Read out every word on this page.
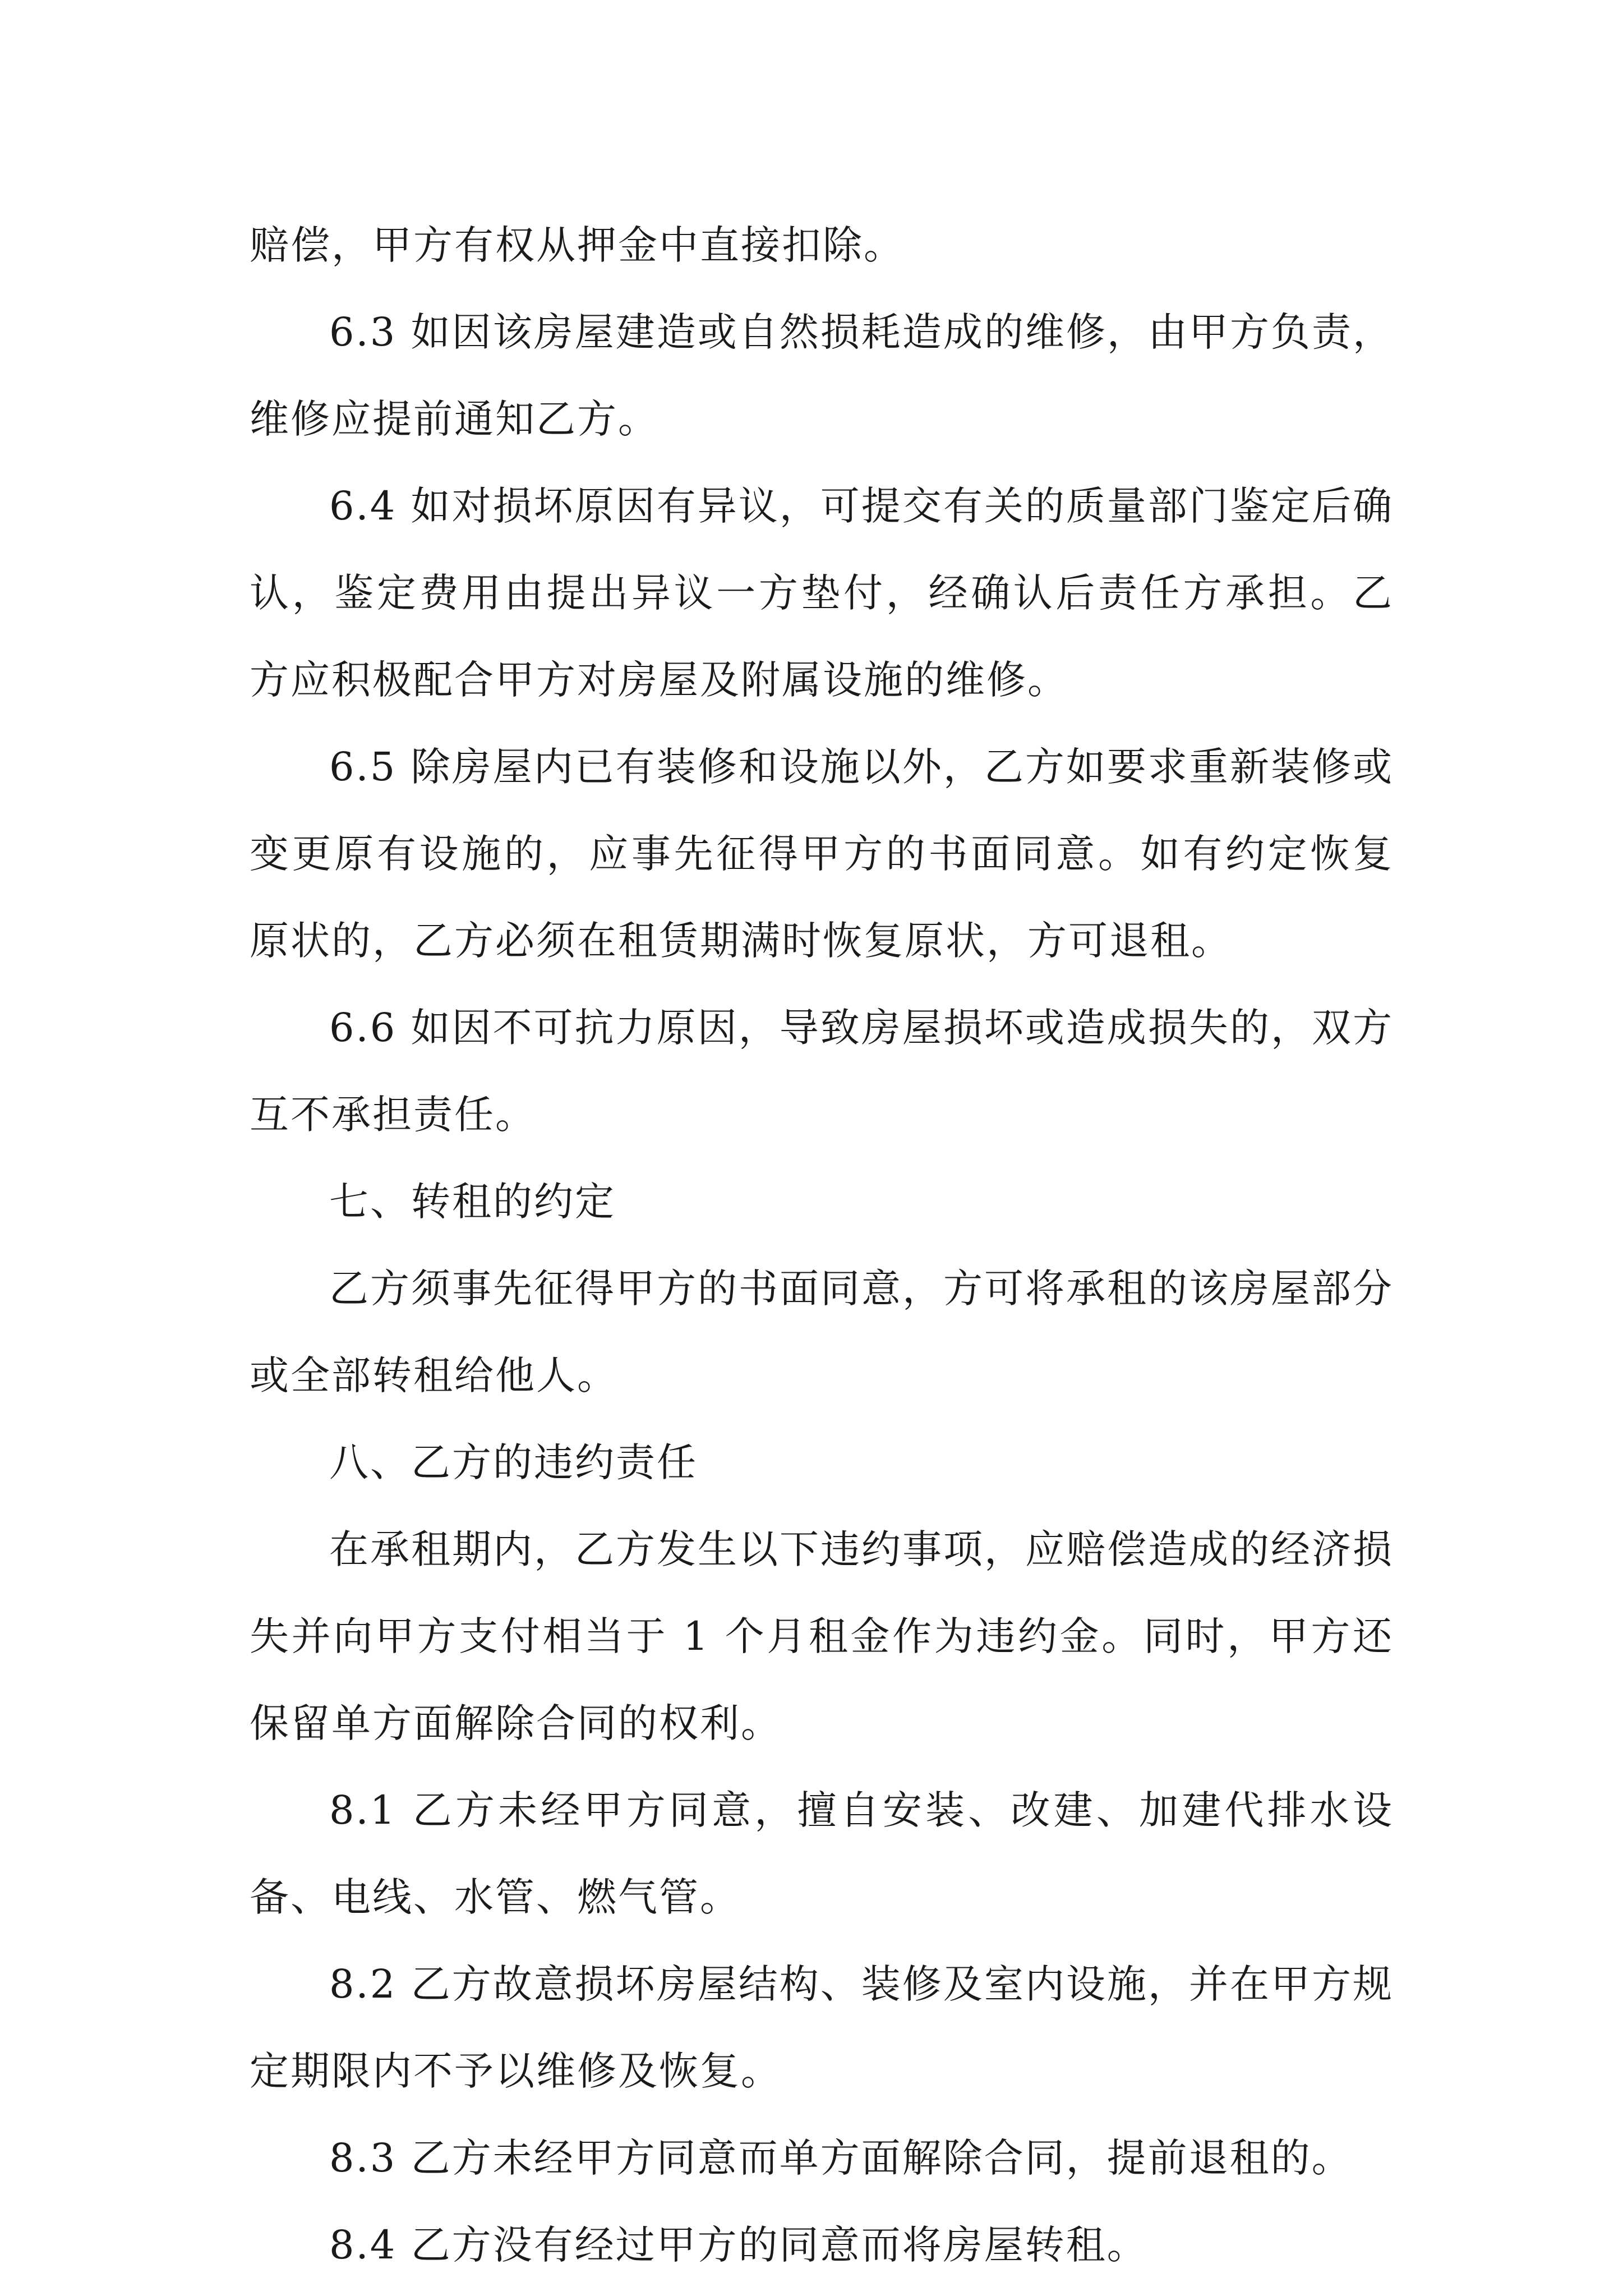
赔偿，甲方有权从押金中直接扣除。

6.3 如因该房屋建造或自然损耗造成的维修，由甲方负责，维修应提前通知乙方。

6.4 如对损坏原因有异议，可提交有关的质量部门鉴定后确认，鉴定费用由提出异议一方垫付，经确认后责任方承担。乙方应积极配合甲方对房屋及附属设施的维修。

6.5 除房屋内已有装修和设施以外，乙方如要求重新装修或变更原有设施的，应事先征得甲方的书面同意。如有约定恢复原状的，乙方必须在租赁期满时恢复原状，方可退租。

6.6 如因不可抗力原因，导致房屋损坏或造成损失的，双方互不承担责任。

七、转租的约定

乙方须事先征得甲方的书面同意，方可将承租的该房屋部分或全部转租给他人。

八、乙方的违约责任

在承租期内，乙方发生以下违约事项，应赔偿造成的经济损失并向甲方支付相当于 1 个月租金作为违约金。同时，甲方还保留单方面解除合同的权利。

8.1 乙方未经甲方同意，擅自安装、改建、加建代排水设备、电线、水管、燃气管。

8.2 乙方故意损坏房屋结构、装修及室内设施，并在甲方规定期限内不予以维修及恢复。

8.3 乙方未经甲方同意而单方面解除合同，提前退租的。

8.4 乙方没有经过甲方的同意而将房屋转租。
